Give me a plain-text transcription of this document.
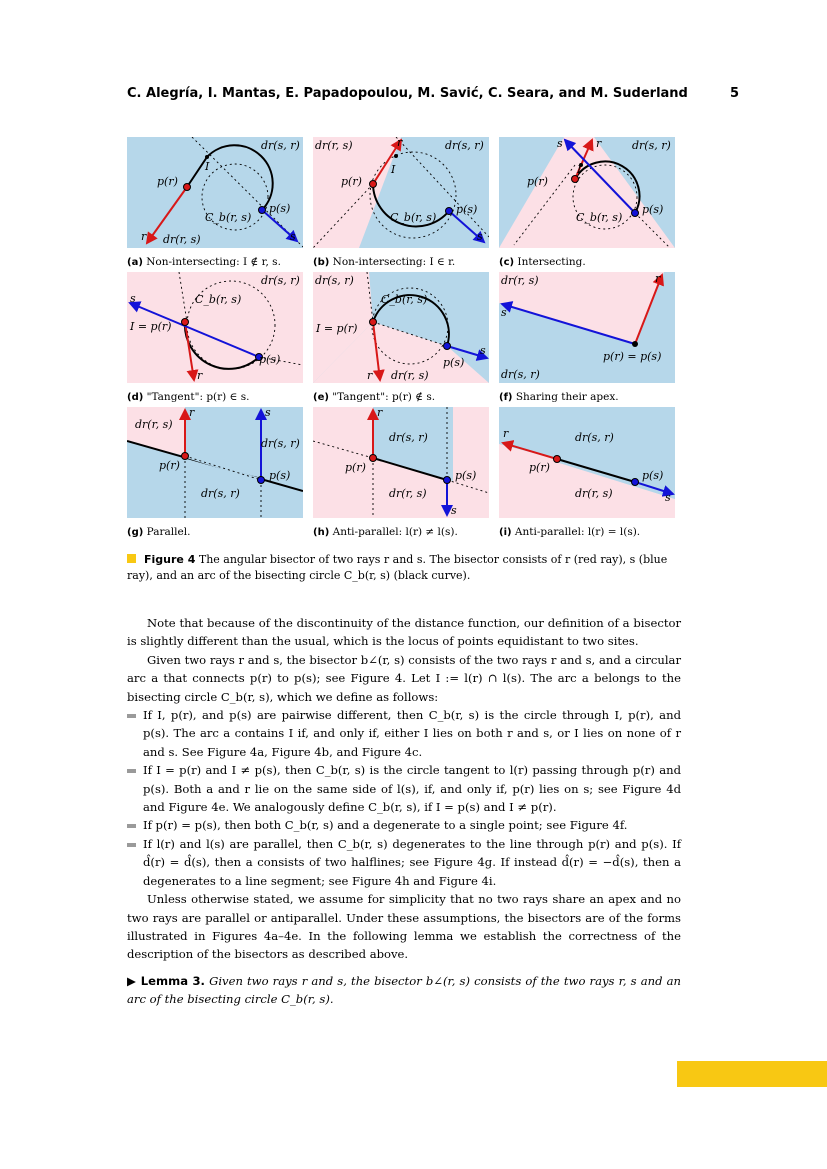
C. Alegría, I. Mantas, E. Papadopoulou, M. Savić, C. Seara, and M. Suderland	5
dr(s, r)
p(r)
I
p(s)
C_b(r, s)
dr(r, s)
r	s
(a) Non-intersecting: I ∉ r, s.
dr(r, s)	dr(s, r)
p(r)
I
p(s)
C_b(r, s)
r
s
(b) Non-intersecting: I ∈ r.
dr(s, r)
p(r)
I
p(s)
C_b(r, s)
r
s
(c) Intersecting.
dr(s, r)
C_b(r, s)
I = p(r)
p(s)
r
s
(d) "Tangent": p(r) ∈ s.
dr(s, r)
C_b(r, s)
I = p(r)
p(s)
dr(r, s)
r
s
(e) "Tangent": p(r) ∉ s.
dr(r, s)
dr(s, r)
p(r) = p(s)
r
s
(f) Sharing their apex.
dr(r, s)
dr(s, r)
dr(s, r)
p(r)
p(s)
r	s
(g) Parallel.
dr(s, r)
dr(r, s)
p(r)
p(s)
r
s
(h) Anti-parallel: l(r) ≠ l(s).
dr(s, r)
dr(r, s)
p(r)
p(s)
r
s
(i) Anti-parallel: l(r) = l(s).
Figure 4 The angular bisector of two rays r and s. The bisector consists of r (red ray), s (blue ray), and an arc of the bisecting circle C_b(r, s) (black curve).

Note that because of the discontinuity of the distance function, our definition of a bisector is slightly different than the usual, which is the locus of points equidistant to two sites.

Given two rays r and s, the bisector b∠(r, s) consists of the two rays r and s, and a circular arc a that connects p(r) to p(s); see Figure 4. Let I := l(r) ∩ l(s). The arc a belongs to the bisecting circle C_b(r, s), which we define as follows:

If I, p(r), and p(s) are pairwise different, then C_b(r, s) is the circle through I, p(r), and p(s). The arc a contains I if, and only if, either I lies on both r and s, or I lies on none of r and s. See Figure 4a, Figure 4b, and Figure 4c.
If I = p(r) and I ≠ p(s), then C_b(r, s) is the circle tangent to l(r) passing through p(r) and p(s). Both a and r lie on the same side of l(s), if, and only if, p(r) lies on s; see Figure 4d and Figure 4e. We analogously define C_b(r, s), if I = p(s) and I ≠ p(r).
If p(r) = p(s), then both C_b(r, s) and a degenerate to a single point; see Figure 4f.
If l(r) and l(s) are parallel, then C_b(r, s) degenerates to the line through p(r) and p(s). If d̂(r) = d̂(s), then a consists of two halflines; see Figure 4g. If instead d̂(r) = −d̂(s), then a degenerates to a line segment; see Figure 4h and Figure 4i.

Unless otherwise stated, we assume for simplicity that no two rays share an apex and no two rays are parallel or antiparallel. Under these assumptions, the bisectors are of the forms illustrated in Figures 4a–4e. In the following lemma we establish the correctness of the description of the bisectors as described above.

▶ Lemma 3. Given two rays r and s, the bisector b∠(r, s) consists of the two rays r, s and an arc of the bisecting circle C_b(r, s).
